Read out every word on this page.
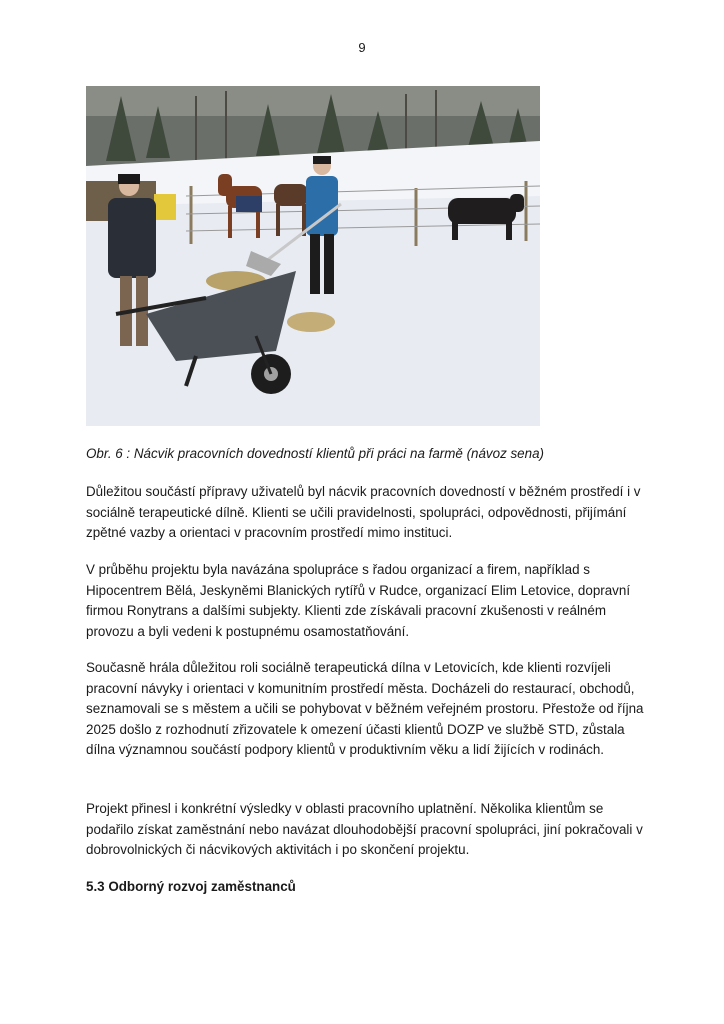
9
Obr. 6 : Nácvik pracovních dovedností klientů při práci na farmě (návoz sena)

Důležitou součástí přípravy uživatelů byl nácvik pracovních dovedností v běžném prostředí i v sociálně terapeutické dílně. Klienti se učili pravidelnosti, spolupráci, odpovědnosti, přijímání zpětné vazby a orientaci v pracovním prostředí mimo instituci.

V průběhu projektu byla navázána spolupráce s řadou organizací a firem, například s Hipocentrem Bělá, Jeskyněmi Blanických rytířů v Rudce, organizací Elim Letovice, dopravní firmou Ronytrans a dalšími subjekty. Klienti zde získávali pracovní zkušenosti v reálném provozu a byli vedeni k postupnému osamostatňování.

Současně hrála důležitou roli sociálně terapeutická dílna v Letovicích, kde klienti rozvíjeli pracovní návyky i orientaci v komunitním prostředí města. Docházeli do restaurací, obchodů, seznamovali se s městem a učili se pohybovat v běžném veřejném prostoru. Přestože od října 2025 došlo z rozhodnutí zřizovatele k omezení účasti klientů DOZP ve službě STD, zůstala dílna významnou součástí podpory klientů v produktivním věku a lidí žijících v rodinách.

Projekt přinesl i konkrétní výsledky v oblasti pracovního uplatnění. Několika klientům se podařilo získat zaměstnání nebo navázat dlouhodobější pracovní spolupráci, jiní pokračovali v dobrovolnických či nácvikových aktivitách i po skončení projektu.

5.3 Odborný rozvoj zaměstnanců
